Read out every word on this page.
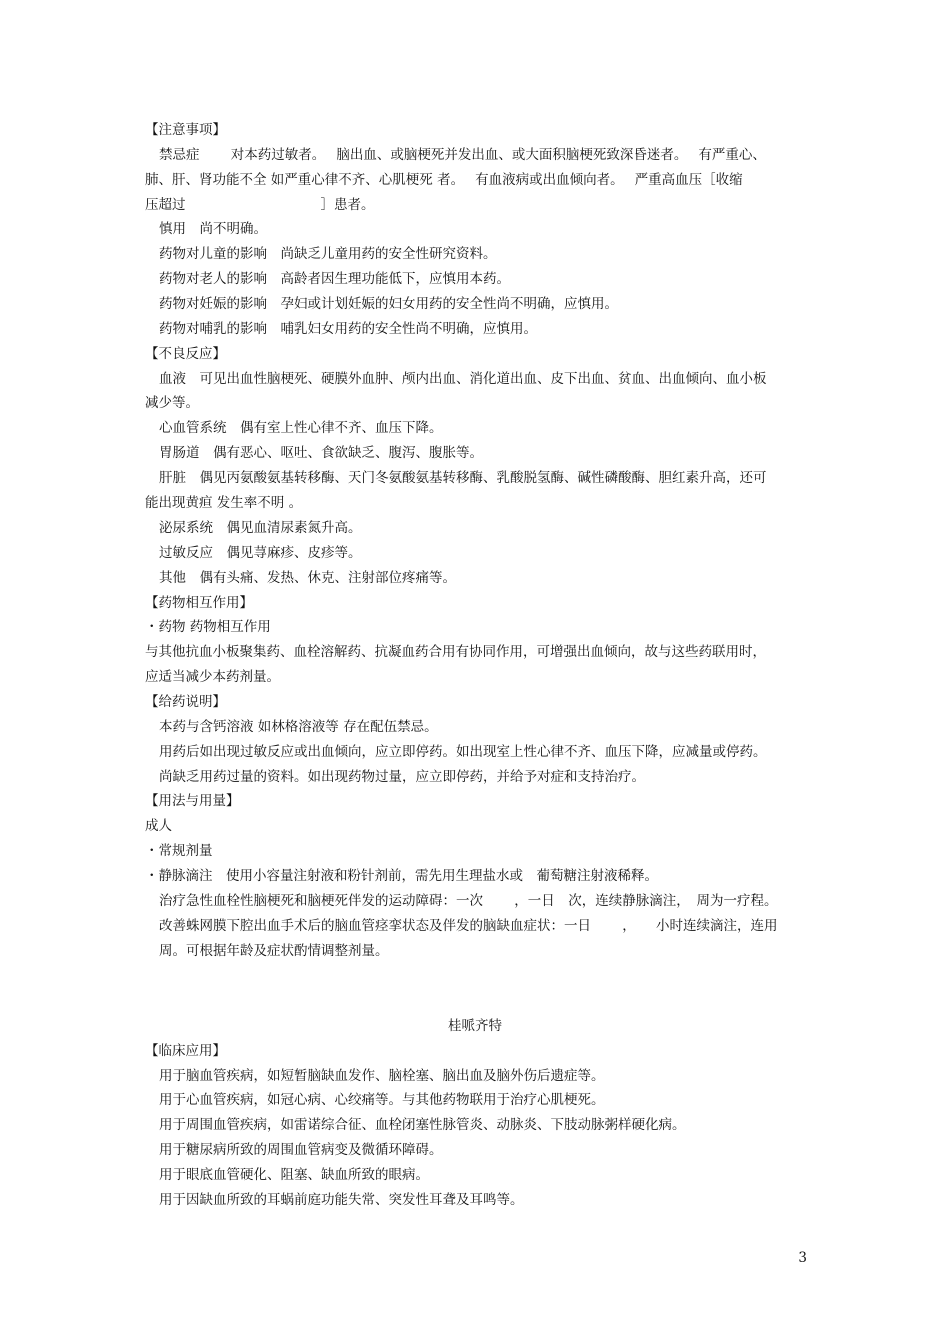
【注意事项】
禁忌症　　 对本药过敏者。　 脑出血、或脑梗死并发出血、或大面积脑梗死致深昏迷者。　 有严重心、
肺、肝、肾功能不全 如严重心律不齐、心肌梗死 者。　 有血液病或出血倾向者。　 严重高血压［收缩
压超过　　　　　　　　　　］患者。
慎用　尚不明确。
药物对儿童的影响　尚缺乏儿童用药的安全性研究资料。
药物对老人的影响　高龄者因生理功能低下，应慎用本药。
药物对妊娠的影响　孕妇或计划妊娠的妇女用药的安全性尚不明确，应慎用。
药物对哺乳的影响　哺乳妇女用药的安全性尚不明确，应慎用。
【不良反应】
血液　可见出血性脑梗死、硬膜外血肿、颅内出血、消化道出血、皮下出血、贫血、出血倾向、血小板
减少等。
心血管系统　偶有室上性心律不齐、血压下降。
胃肠道　偶有恶心、呕吐、食欲缺乏、腹泻、腹胀等。
肝脏　偶见丙氨酸氨基转移酶、天门冬氨酸氨基转移酶、乳酸脱氢酶、碱性磷酸酶、胆红素升高，还可
能出现黄疸 发生率不明 。
泌尿系统　偶见血清尿素氮升高。
过敏反应　偶见荨麻疹、皮疹等。
其他　偶有头痛、发热、休克、注射部位疼痛等。
【药物相互作用】
・药物 药物相互作用
与其他抗血小板聚集药、血栓溶解药、抗凝血药合用有协同作用，可增强出血倾向，故与这些药联用时，
应适当减少本药剂量。
【给药说明】
本药与含钙溶液 如林格溶液等 存在配伍禁忌。
用药后如出现过敏反应或出血倾向，应立即停药。如出现室上性心律不齐、血压下降，应减量或停药。
尚缺乏用药过量的资料。如出现药物过量，应立即停药，并给予对症和支持治疗。
【用法与用量】
成人
・常规剂量
・静脉滴注　使用小容量注射液和粉针剂前，需先用生理盐水或　葡萄糖注射液稀释。
治疗急性血栓性脑梗死和脑梗死伴发的运动障碍：一次　　 ，一日　次，连续静脉滴注，　周为一疗程。
改善蛛网膜下腔出血手术后的脑血管痉挛状态及伴发的脑缺血症状：一日　　 ，　　小时连续滴注，连用
周。可根据年龄及症状酌情调整剂量。
桂哌齐特
【临床应用】
用于脑血管疾病，如短暂脑缺血发作、脑栓塞、脑出血及脑外伤后遗症等。
用于心血管疾病，如冠心病、心绞痛等。与其他药物联用于治疗心肌梗死。
用于周围血管疾病，如雷诺综合征、血栓闭塞性脉管炎、动脉炎、下肢动脉粥样硬化病。
用于糖尿病所致的周围血管病变及微循环障碍。
用于眼底血管硬化、阻塞、缺血所致的眼病。
用于因缺血所致的耳蜗前庭功能失常、突发性耳聋及耳鸣等。
3
